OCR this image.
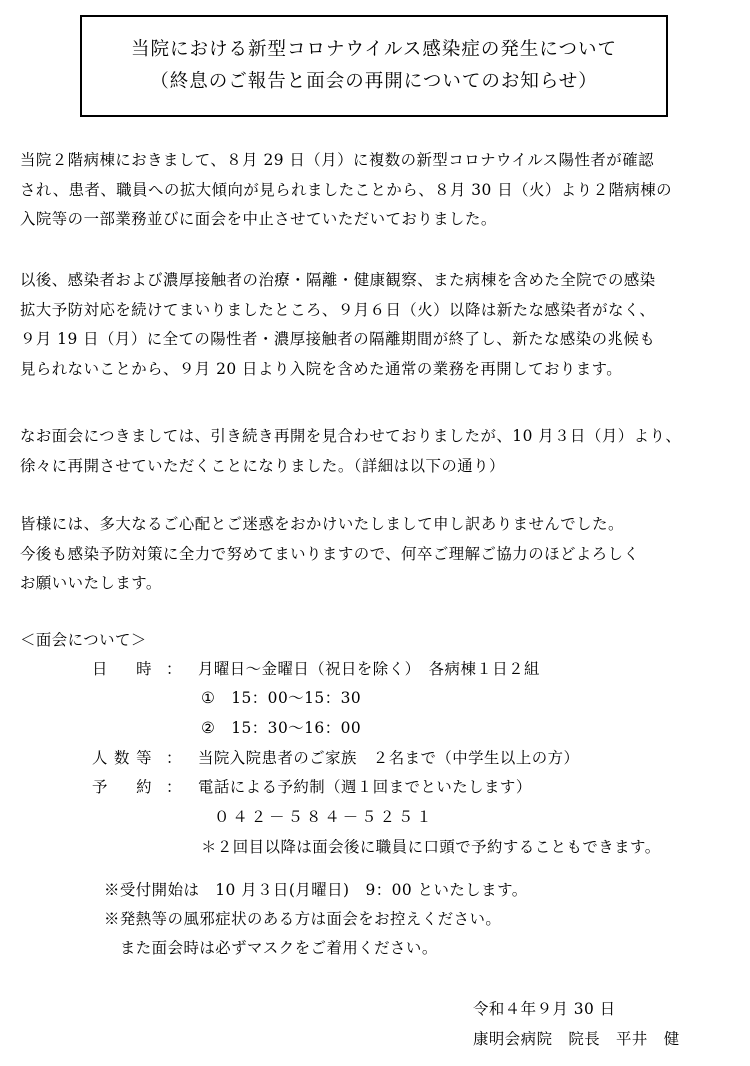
当院における新型コロナウイルス感染症の発生について
（終息のご報告と面会の再開についてのお知らせ）
当院２階病棟におきまして、８月 29 日（月）に複数の新型コロナウイルス陽性者が確認
され、患者、職員への拡大傾向が見られましたことから、８月 30 日（火）より２階病棟の
入院等の一部業務並びに面会を中止させていただいておりました。
以後、感染者および濃厚接触者の治療・隔離・健康観察、また病棟を含めた全院での感染
拡大予防対応を続けてまいりましたところ、９月６日（火）以降は新たな感染者がなく、
９月 19 日（月）に全ての陽性者・濃厚接触者の隔離期間が終了し、新たな感染の兆候も
見られないことから、９月 20 日より入院を含めた通常の業務を再開しております。
なお面会につきましては、引き続き再開を見合わせておりましたが、10 月３日（月）より、
徐々に再開させていただくことになりました。（詳細は以下の通り）
皆様には、多大なるご心配とご迷惑をおかけいたしまして申し訳ありませんでした。
今後も感染予防対策に全力で努めてまいりますので、何卒ご理解ご協力のほどよろしく
お願いいたします。
＜面会について＞
日　時 ： 月曜日～金曜日（祝日を除く）　各病棟１日２組
①　15：00～15：30
②　15：30～16：00
人数等 ： 当院入院患者のご家族　２名まで（中学生以上の方）
予　約 ： 電話による予約制（週１回までといたします）
０４２－５８４－５２５１
＊２回目以降は面会後に職員に口頭で予約することもできます。
※受付開始は　10 月３日(月曜日)　9：00 といたします。
※発熱等の風邪症状のある方は面会をお控えください。
　また面会時は必ずマスクをご着用ください。
令和４年９月 30 日
康明会病院　院長　平井　健
